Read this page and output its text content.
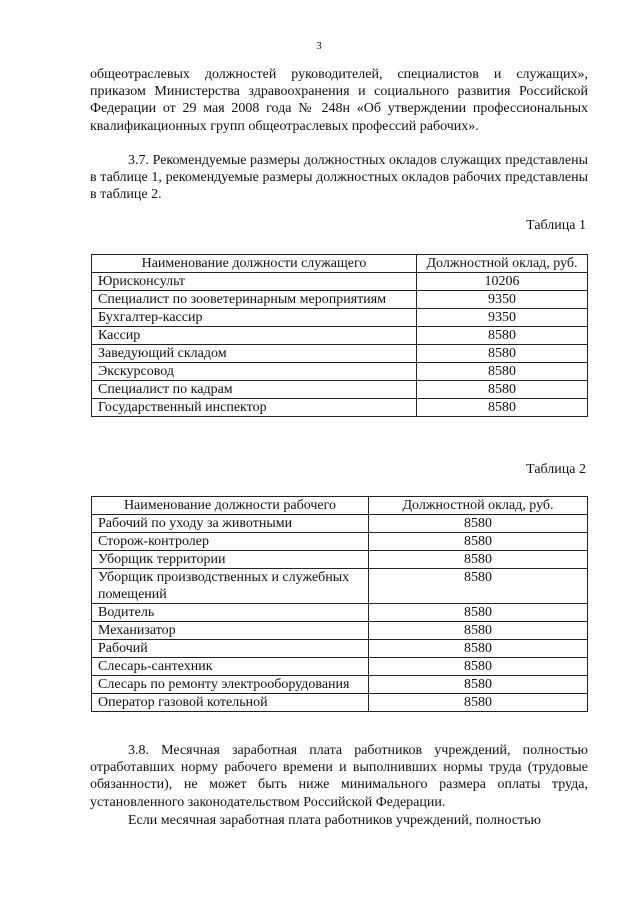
3

общеотраслевых должностей руководителей, специалистов и служащих», приказом Министерства здравоохранения и социального развития Российской Федерации от 29 мая 2008 года № 248н «Об утверждении профессиональных квалификационных групп общеотраслевых профессий рабочих».

3.7. Рекомендуемые размеры должностных окладов служащих представлены в таблице 1, рекомендуемые размеры должностных окладов рабочих представлены в таблице 2.

Таблица 1
Наименование должности служащего	Должностной оклад, руб.
Юрисконсульт	10206
Специалист по зооветеринарным мероприятиям	9350
Бухгалтер-кассир	9350
Кассир	8580
Заведующий складом	8580
Экскурсовод	8580
Специалист по кадрам	8580
Государственный инспектор	8580
Таблица 2
Наименование должности рабочего	Должностной оклад, руб.
Рабочий по уходу за животными	8580
Сторож-контролер	8580
Уборщик территории	8580
Уборщик производственных и служебных помещений	8580
Водитель	8580
Механизатор	8580
Рабочий	8580
Слесарь-сантехник	8580
Слесарь по ремонту электрооборудования	8580
Оператор газовой котельной	8580

3.8. Месячная заработная плата работников учреждений, полностью отработавших норму рабочего времени и выполнивших нормы труда (трудовые обязанности), не может быть ниже минимального размера оплаты труда, установленного законодательством Российской Федерации.

Если месячная заработная плата работников учреждений, полностью
